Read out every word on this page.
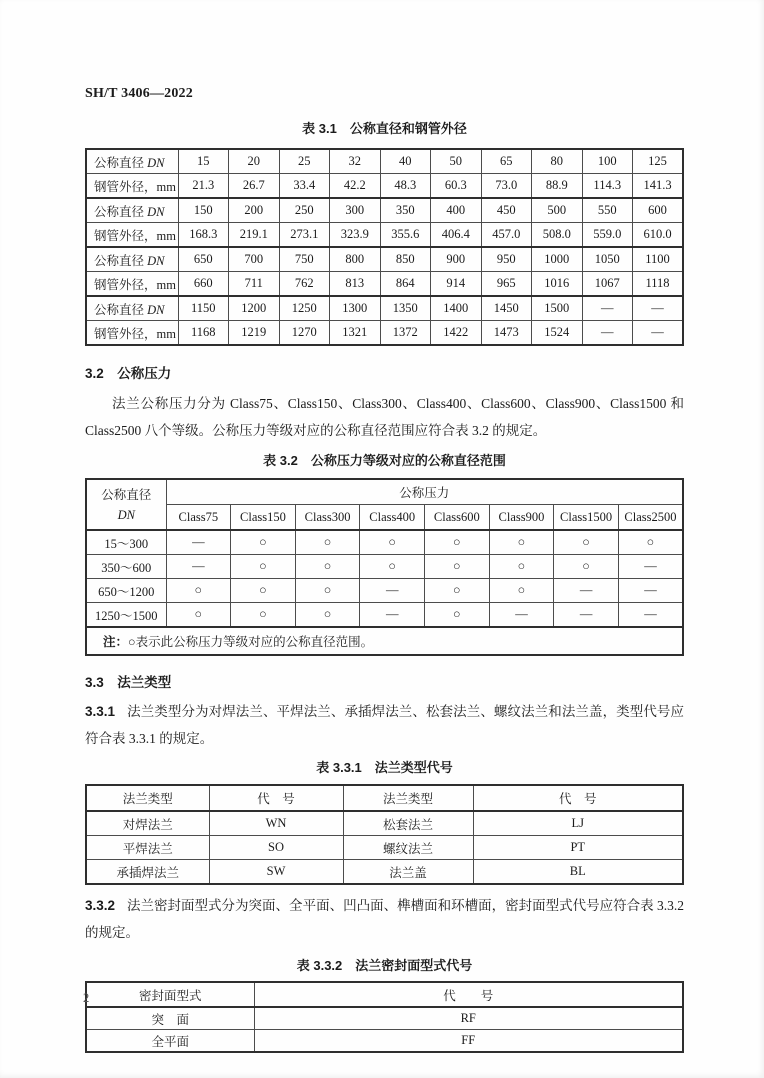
SH/T 3406—2022
表 3.1　公称直径和钢管外径
公称直径 DN	15	20	25	32	40	50	65	80	100	125
钢管外径，mm	21.3	26.7	33.4	42.2	48.3	60.3	73.0	88.9	114.3	141.3
公称直径 DN	150	200	250	300	350	400	450	500	550	600
钢管外径，mm	168.3	219.1	273.1	323.9	355.6	406.4	457.0	508.0	559.0	610.0
公称直径 DN	650	700	750	800	850	900	950	1000	1050	1100
钢管外径，mm	660	711	762	813	864	914	965	1016	1067	1118
公称直径 DN	1150	1200	1250	1300	1350	1400	1450	1500	—	—
钢管外径，mm	1168	1219	1270	1321	1372	1422	1473	1524	—	—
3.2　公称压力

法兰公称压力分为 Class75、Class150、Class300、Class400、Class600、Class900、Class1500 和 Class2500 八个等级。公称压力等级对应的公称直径范围应符合表 3.2 的规定。

表 3.2　公称压力等级对应的公称直径范围
公称直径
DN	公称压力							
	Class75	Class150	Class300	Class400	Class600	Class900	Class1500	Class2500
15～300	—	○	○	○	○	○	○	○
350～600	—	○	○	○	○	○	○	—
650～1200	○	○	○	—	○	○	—	—
1250～1500	○	○	○	—	○	—	—	—
注：○表示此公称压力等级对应的公称直径范围。								
3.3　法兰类型

3.3.1 法兰类型分为对焊法兰、平焊法兰、承插焊法兰、松套法兰、螺纹法兰和法兰盖，类型代号应符合表 3.3.1 的规定。

表 3.3.1　法兰类型代号
法兰类型	代　号	法兰类型	代　号
对焊法兰	WN	松套法兰	LJ
平焊法兰	SO	螺纹法兰	PT
承插焊法兰	SW	法兰盖	BL

3.3.2 法兰密封面型式分为突面、全平面、凹凸面、榫槽面和环槽面，密封面型式代号应符合表 3.3.2 的规定。

表 3.3.2　法兰密封面型式代号
密封面型式	代　　号
突　面	RF
全平面	FF
2
